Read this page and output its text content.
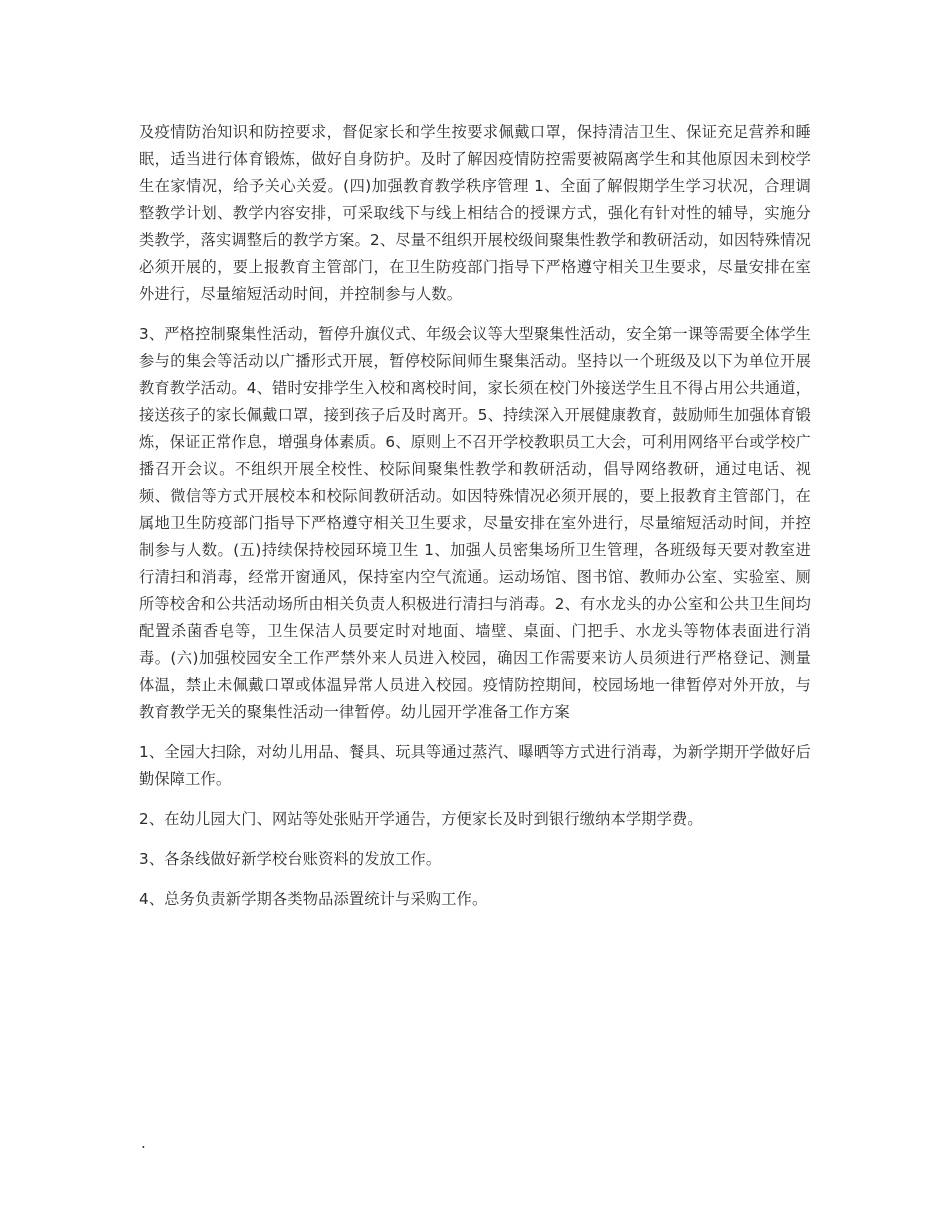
及疫情防治知识和防控要求，督促家长和学生按要求佩戴口罩，保持清洁卫生、保证充足营养和睡眠，适当进行体育锻炼，做好自身防护。及时了解因疫情防控需要被隔离学生和其他原因未到校学生在家情况，给予关心关爱。(四)加强教育教学秩序管理 1、全面了解假期学生学习状况，合理调整教学计划、教学内容安排，可采取线下与线上相结合的授课方式，强化有针对性的辅导，实施分类教学，落实调整后的教学方案。2、尽量不组织开展校级间聚集性教学和教研活动，如因特殊情况必须开展的，要上报教育主管部门，在卫生防疫部门指导下严格遵守相关卫生要求，尽量安排在室外进行，尽量缩短活动时间，并控制参与人数。

3、严格控制聚集性活动，暂停升旗仪式、年级会议等大型聚集性活动，安全第一课等需要全体学生参与的集会等活动以广播形式开展，暂停校际间师生聚集活动。坚持以一个班级及以下为单位开展教育教学活动。4、错时安排学生入校和离校时间，家长须在校门外接送学生且不得占用公共通道，接送孩子的家长佩戴口罩，接到孩子后及时离开。5、持续深入开展健康教育，鼓励师生加强体育锻炼，保证正常作息，增强身体素质。6、原则上不召开学校教职员工大会，可利用网络平台或学校广播召开会议。不组织开展全校性、校际间聚集性教学和教研活动，倡导网络教研，通过电话、视频、微信等方式开展校本和校际间教研活动。如因特殊情况必须开展的，要上报教育主管部门，在属地卫生防疫部门指导下严格遵守相关卫生要求，尽量安排在室外进行，尽量缩短活动时间，并控制参与人数。(五)持续保持校园环境卫生 1、加强人员密集场所卫生管理，各班级每天要对教室进行清扫和消毒，经常开窗通风，保持室内空气流通。运动场馆、图书馆、教师办公室、实验室、厕所等校舍和公共活动场所由相关负责人积极进行清扫与消毒。2、有水龙头的办公室和公共卫生间均配置杀菌香皂等，卫生保洁人员要定时对地面、墙壁、桌面、门把手、水龙头等物体表面进行消毒。(六)加强校园安全工作严禁外来人员进入校园，确因工作需要来访人员须进行严格登记、测量体温，禁止未佩戴口罩或体温异常人员进入校园。疫情防控期间，校园场地一律暂停对外开放，与教育教学无关的聚集性活动一律暂停。幼儿园开学准备工作方案

1、全园大扫除，对幼儿用品、餐具、玩具等通过蒸汽、曝晒等方式进行消毒，为新学期开学做好后勤保障工作。

2、在幼儿园大门、网站等处张贴开学通告，方便家长及时到银行缴纳本学期学费。

3、各条线做好新学校台账资料的发放工作。

4、总务负责新学期各类物品添置统计与采购工作。

.
